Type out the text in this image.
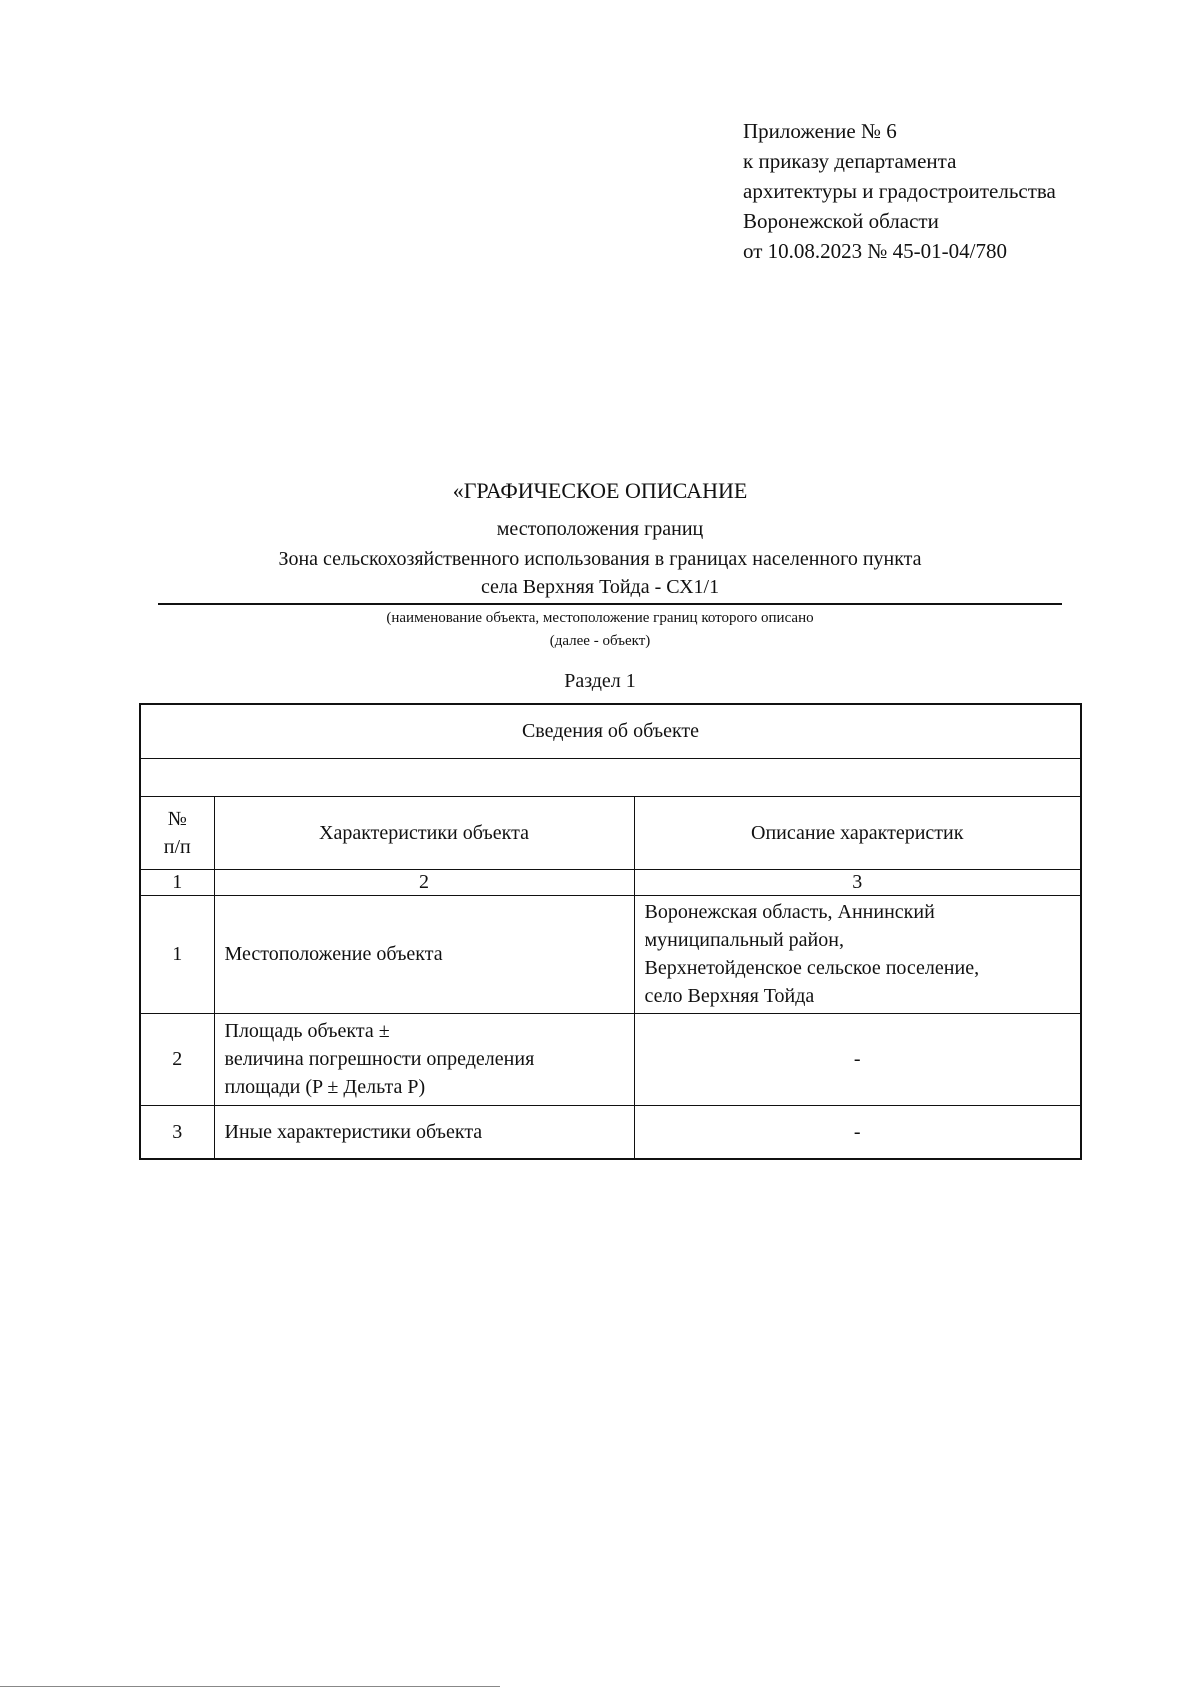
Приложение № 6
к приказу департамента
архитектуры и градостроительства
Воронежской области
от 10.08.2023 № 45-01-04/780
«ГРАФИЧЕСКОЕ ОПИСАНИЕ
местоположения границ
Зона сельскохозяйственного использования в границах населенного пункта
села Верхняя Тойда - СХ1/1
(наименование объекта, местоположение границ которого описано
(далее - объект)
Раздел 1
Сведения об объекте		

№
п/п	Характеристики объекта	Описание характеристик
1	2	3
1	Местоположение объекта	Воронежская область, Аннинский
муниципальный район,
Верхнетойденское сельское поселение,
село Верхняя Тойда

2	Площадь объекта ±
величина погрешности определения
площади (P ± Дельта P)	-
3	Иные характеристики объекта	-
